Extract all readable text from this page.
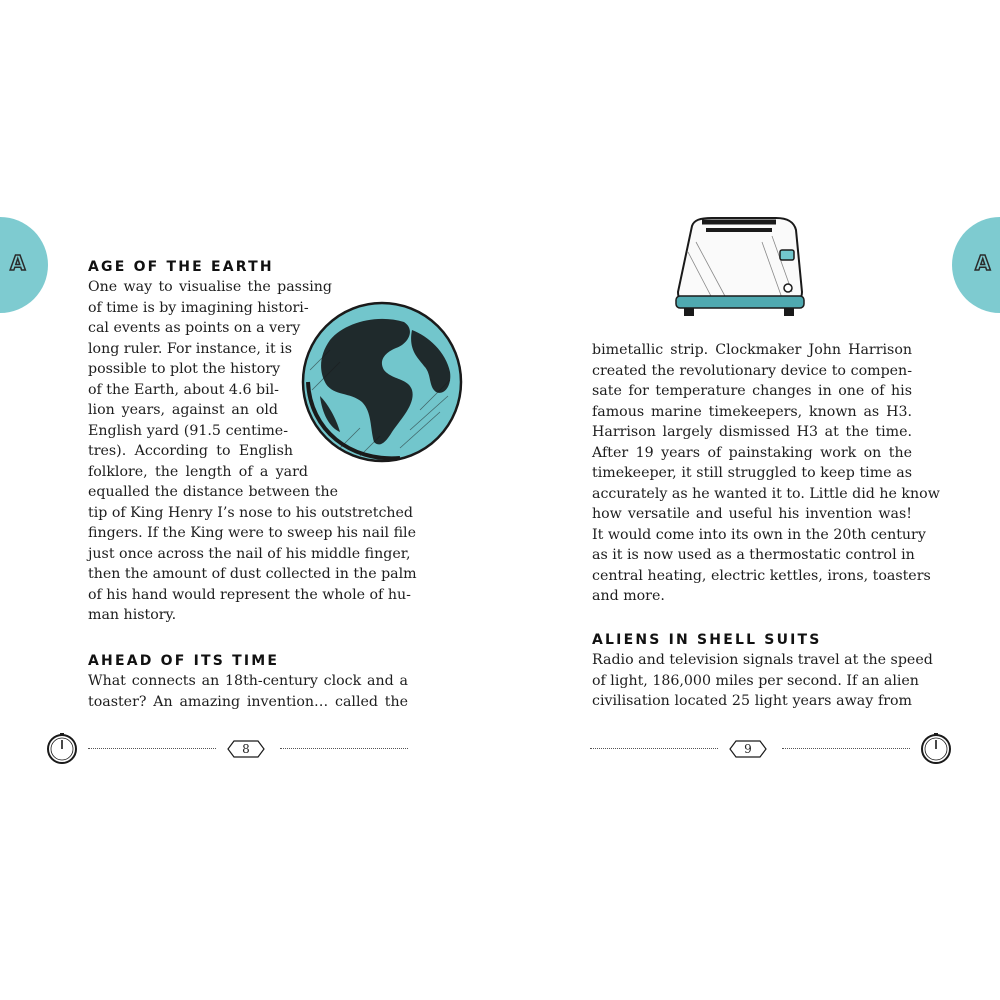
A	AGE OF THE EARTH
One way to visualise the passing
of time is by imagining histori-
cal events as points on a very
long ruler. For instance, it is
possible to plot the history
of the Earth, about 4.6 bil-
lion years, against an old
English yard (91.5 centime-
tres). According to English
folklore, the length of a yard
equalled the distance between the
tip of King Henry I’s nose to his outstretched
fingers. If the King were to sweep his nail file
just once across the nail of his middle finger,
then the amount of dust collected in the palm
of his hand would represent the whole of hu-
man history.
AHEAD OF ITS TIME
What connects an 18th-century clock and a
toaster? An amazing invention… called the
8
A
bimetallic strip. Clockmaker John Harrison
created the revolutionary device to compen-
sate for temperature changes in one of his
famous marine timekeepers, known as H3.
Harrison largely dismissed H3 at the time.
After 19 years of painstaking work on the
timekeeper, it still struggled to keep time as
accurately as he wanted it to. Little did he know
how versatile and useful his invention was!
It would come into its own in the 20th century
as it is now used as a thermostatic control in
central heating, electric kettles, irons, toasters
and more.
ALIENS IN SHELL SUITS
Radio and television signals travel at the speed
of light, 186,000 miles per second. If an alien
civilisation located 25 light years away from
9
